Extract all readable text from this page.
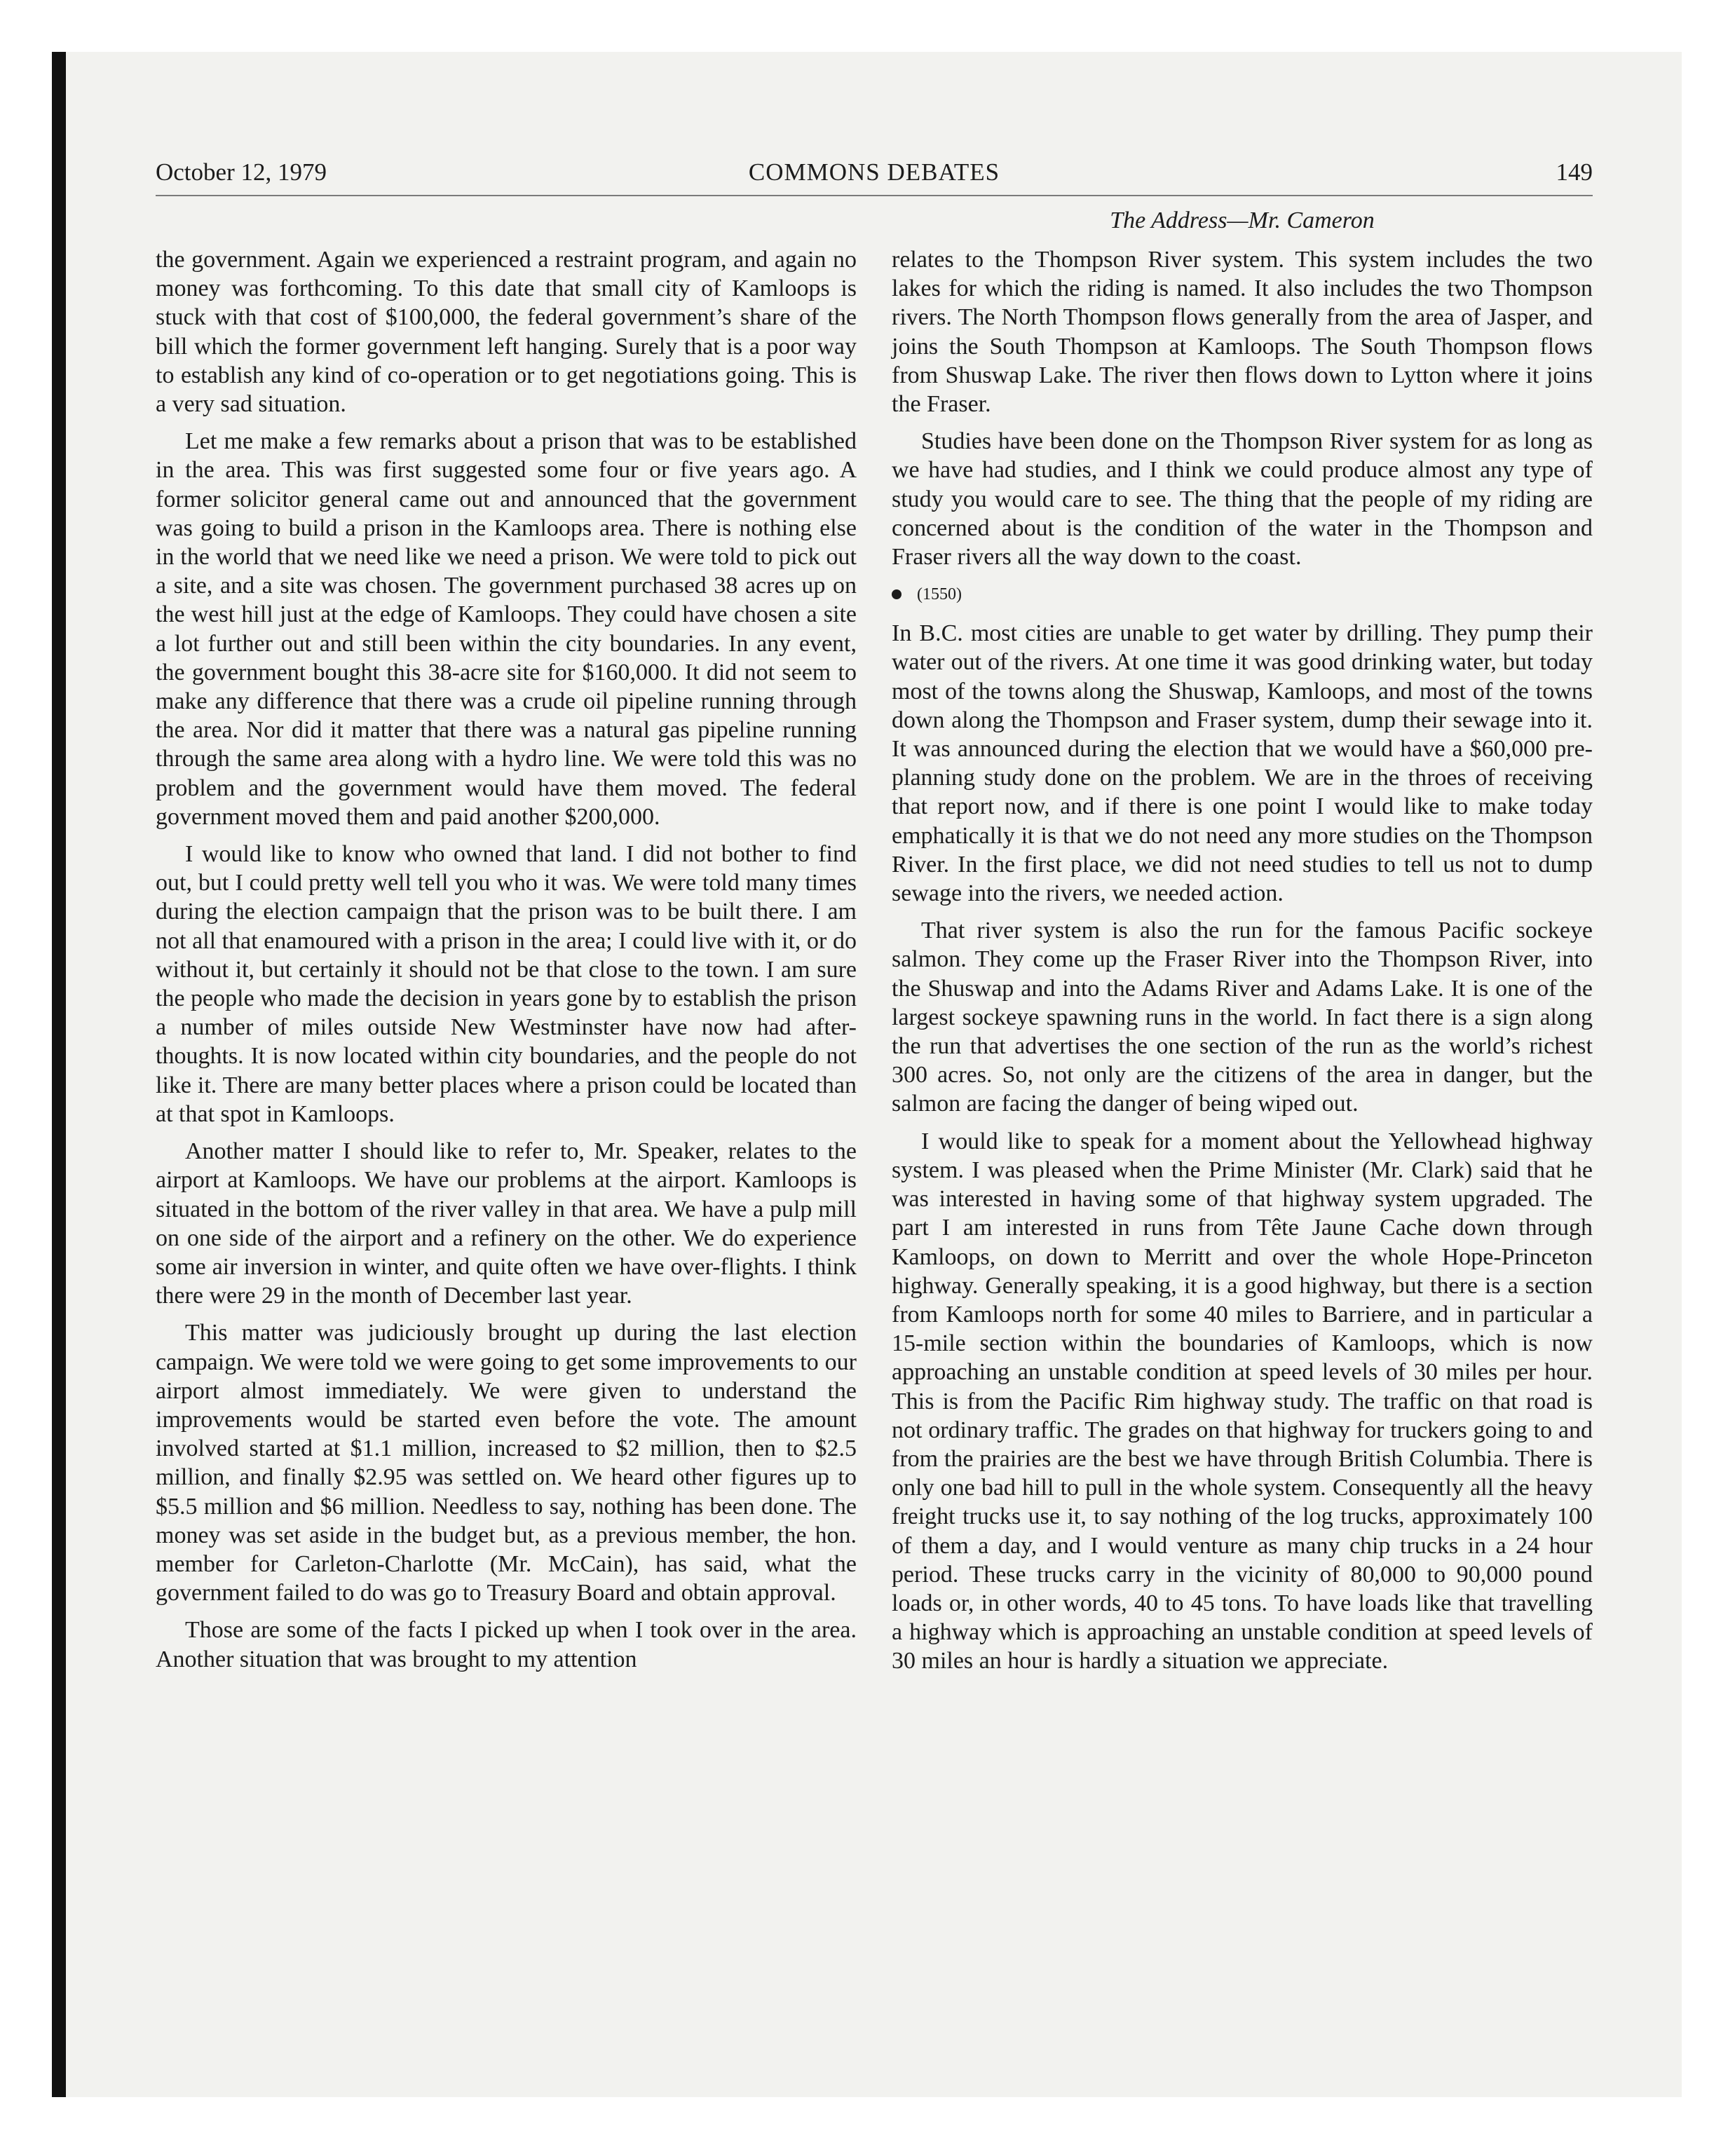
October 12, 1979	COMMONS DEBATES	149
The Address—Mr. Cameron

the government. Again we experienced a restraint program, and again no money was forthcoming. To this date that small city of Kamloops is stuck with that cost of $100,000, the federal government’s share of the bill which the former government left hanging. Surely that is a poor way to establish any kind of co-operation or to get negotiations going. This is a very sad situation.

Let me make a few remarks about a prison that was to be established in the area. This was first suggested some four or five years ago. A former solicitor general came out and announced that the government was going to build a prison in the Kamloops area. There is nothing else in the world that we need like we need a prison. We were told to pick out a site, and a site was chosen. The government purchased 38 acres up on the west hill just at the edge of Kamloops. They could have chosen a site a lot further out and still been within the city boundaries. In any event, the government bought this 38-acre site for $160,000. It did not seem to make any difference that there was a crude oil pipeline running through the area. Nor did it matter that there was a natural gas pipeline running through the same area along with a hydro line. We were told this was no problem and the government would have them moved. The federal government moved them and paid another $200,000.

I would like to know who owned that land. I did not bother to find out, but I could pretty well tell you who it was. We were told many times during the election campaign that the prison was to be built there. I am not all that enamoured with a prison in the area; I could live with it, or do without it, but certainly it should not be that close to the town. I am sure the people who made the decision in years gone by to establish the prison a number of miles outside New Westminster have now had after-thoughts. It is now located within city boundaries, and the people do not like it. There are many better places where a prison could be located than at that spot in Kamloops.

Another matter I should like to refer to, Mr. Speaker, relates to the airport at Kamloops. We have our problems at the airport. Kamloops is situated in the bottom of the river valley in that area. We have a pulp mill on one side of the airport and a refinery on the other. We do experience some air inversion in winter, and quite often we have over-flights. I think there were 29 in the month of December last year.

This matter was judiciously brought up during the last election campaign. We were told we were going to get some improvements to our airport almost immediately. We were given to understand the improvements would be started even before the vote. The amount involved started at $1.1 million, increased to $2 million, then to $2.5 million, and finally $2.95 was settled on. We heard other figures up to $5.5 million and $6 million. Needless to say, nothing has been done. The money was set aside in the budget but, as a previous member, the hon. member for Carleton-Charlotte (Mr. McCain), has said, what the government failed to do was go to Treasury Board and obtain approval.

Those are some of the facts I picked up when I took over in the area. Another situation that was brought to my attention

relates to the Thompson River system. This system includes the two lakes for which the riding is named. It also includes the two Thompson rivers. The North Thompson flows generally from the area of Jasper, and joins the South Thompson at Kamloops. The South Thompson flows from Shuswap Lake. The river then flows down to Lytton where it joins the Fraser.

Studies have been done on the Thompson River system for as long as we have had studies, and I think we could produce almost any type of study you would care to see. The thing that the people of my riding are concerned about is the condition of the water in the Thompson and Fraser rivers all the way down to the coast.

(1550)

In B.C. most cities are unable to get water by drilling. They pump their water out of the rivers. At one time it was good drinking water, but today most of the towns along the Shuswap, Kamloops, and most of the towns down along the Thompson and Fraser system, dump their sewage into it. It was announced during the election that we would have a $60,000 pre-planning study done on the problem. We are in the throes of receiving that report now, and if there is one point I would like to make today emphatically it is that we do not need any more studies on the Thompson River. In the first place, we did not need studies to tell us not to dump sewage into the rivers, we needed action.

That river system is also the run for the famous Pacific sockeye salmon. They come up the Fraser River into the Thompson River, into the Shuswap and into the Adams River and Adams Lake. It is one of the largest sockeye spawning runs in the world. In fact there is a sign along the run that advertises the one section of the run as the world’s richest 300 acres. So, not only are the citizens of the area in danger, but the salmon are facing the danger of being wiped out.

I would like to speak for a moment about the Yellowhead highway system. I was pleased when the Prime Minister (Mr. Clark) said that he was interested in having some of that highway system upgraded. The part I am interested in runs from Tête Jaune Cache down through Kamloops, on down to Merritt and over the whole Hope-Princeton highway. Generally speaking, it is a good highway, but there is a section from Kamloops north for some 40 miles to Barriere, and in particular a 15-mile section within the boundaries of Kamloops, which is now approaching an unstable condition at speed levels of 30 miles per hour. This is from the Pacific Rim highway study. The traffic on that road is not ordinary traffic. The grades on that highway for truckers going to and from the prairies are the best we have through British Columbia. There is only one bad hill to pull in the whole system. Consequently all the heavy freight trucks use it, to say nothing of the log trucks, approximately 100 of them a day, and I would venture as many chip trucks in a 24 hour period. These trucks carry in the vicinity of 80,000 to 90,000 pound loads or, in other words, 40 to 45 tons. To have loads like that travelling a highway which is approaching an unstable condition at speed levels of 30 miles an hour is hardly a situation we appreciate.
